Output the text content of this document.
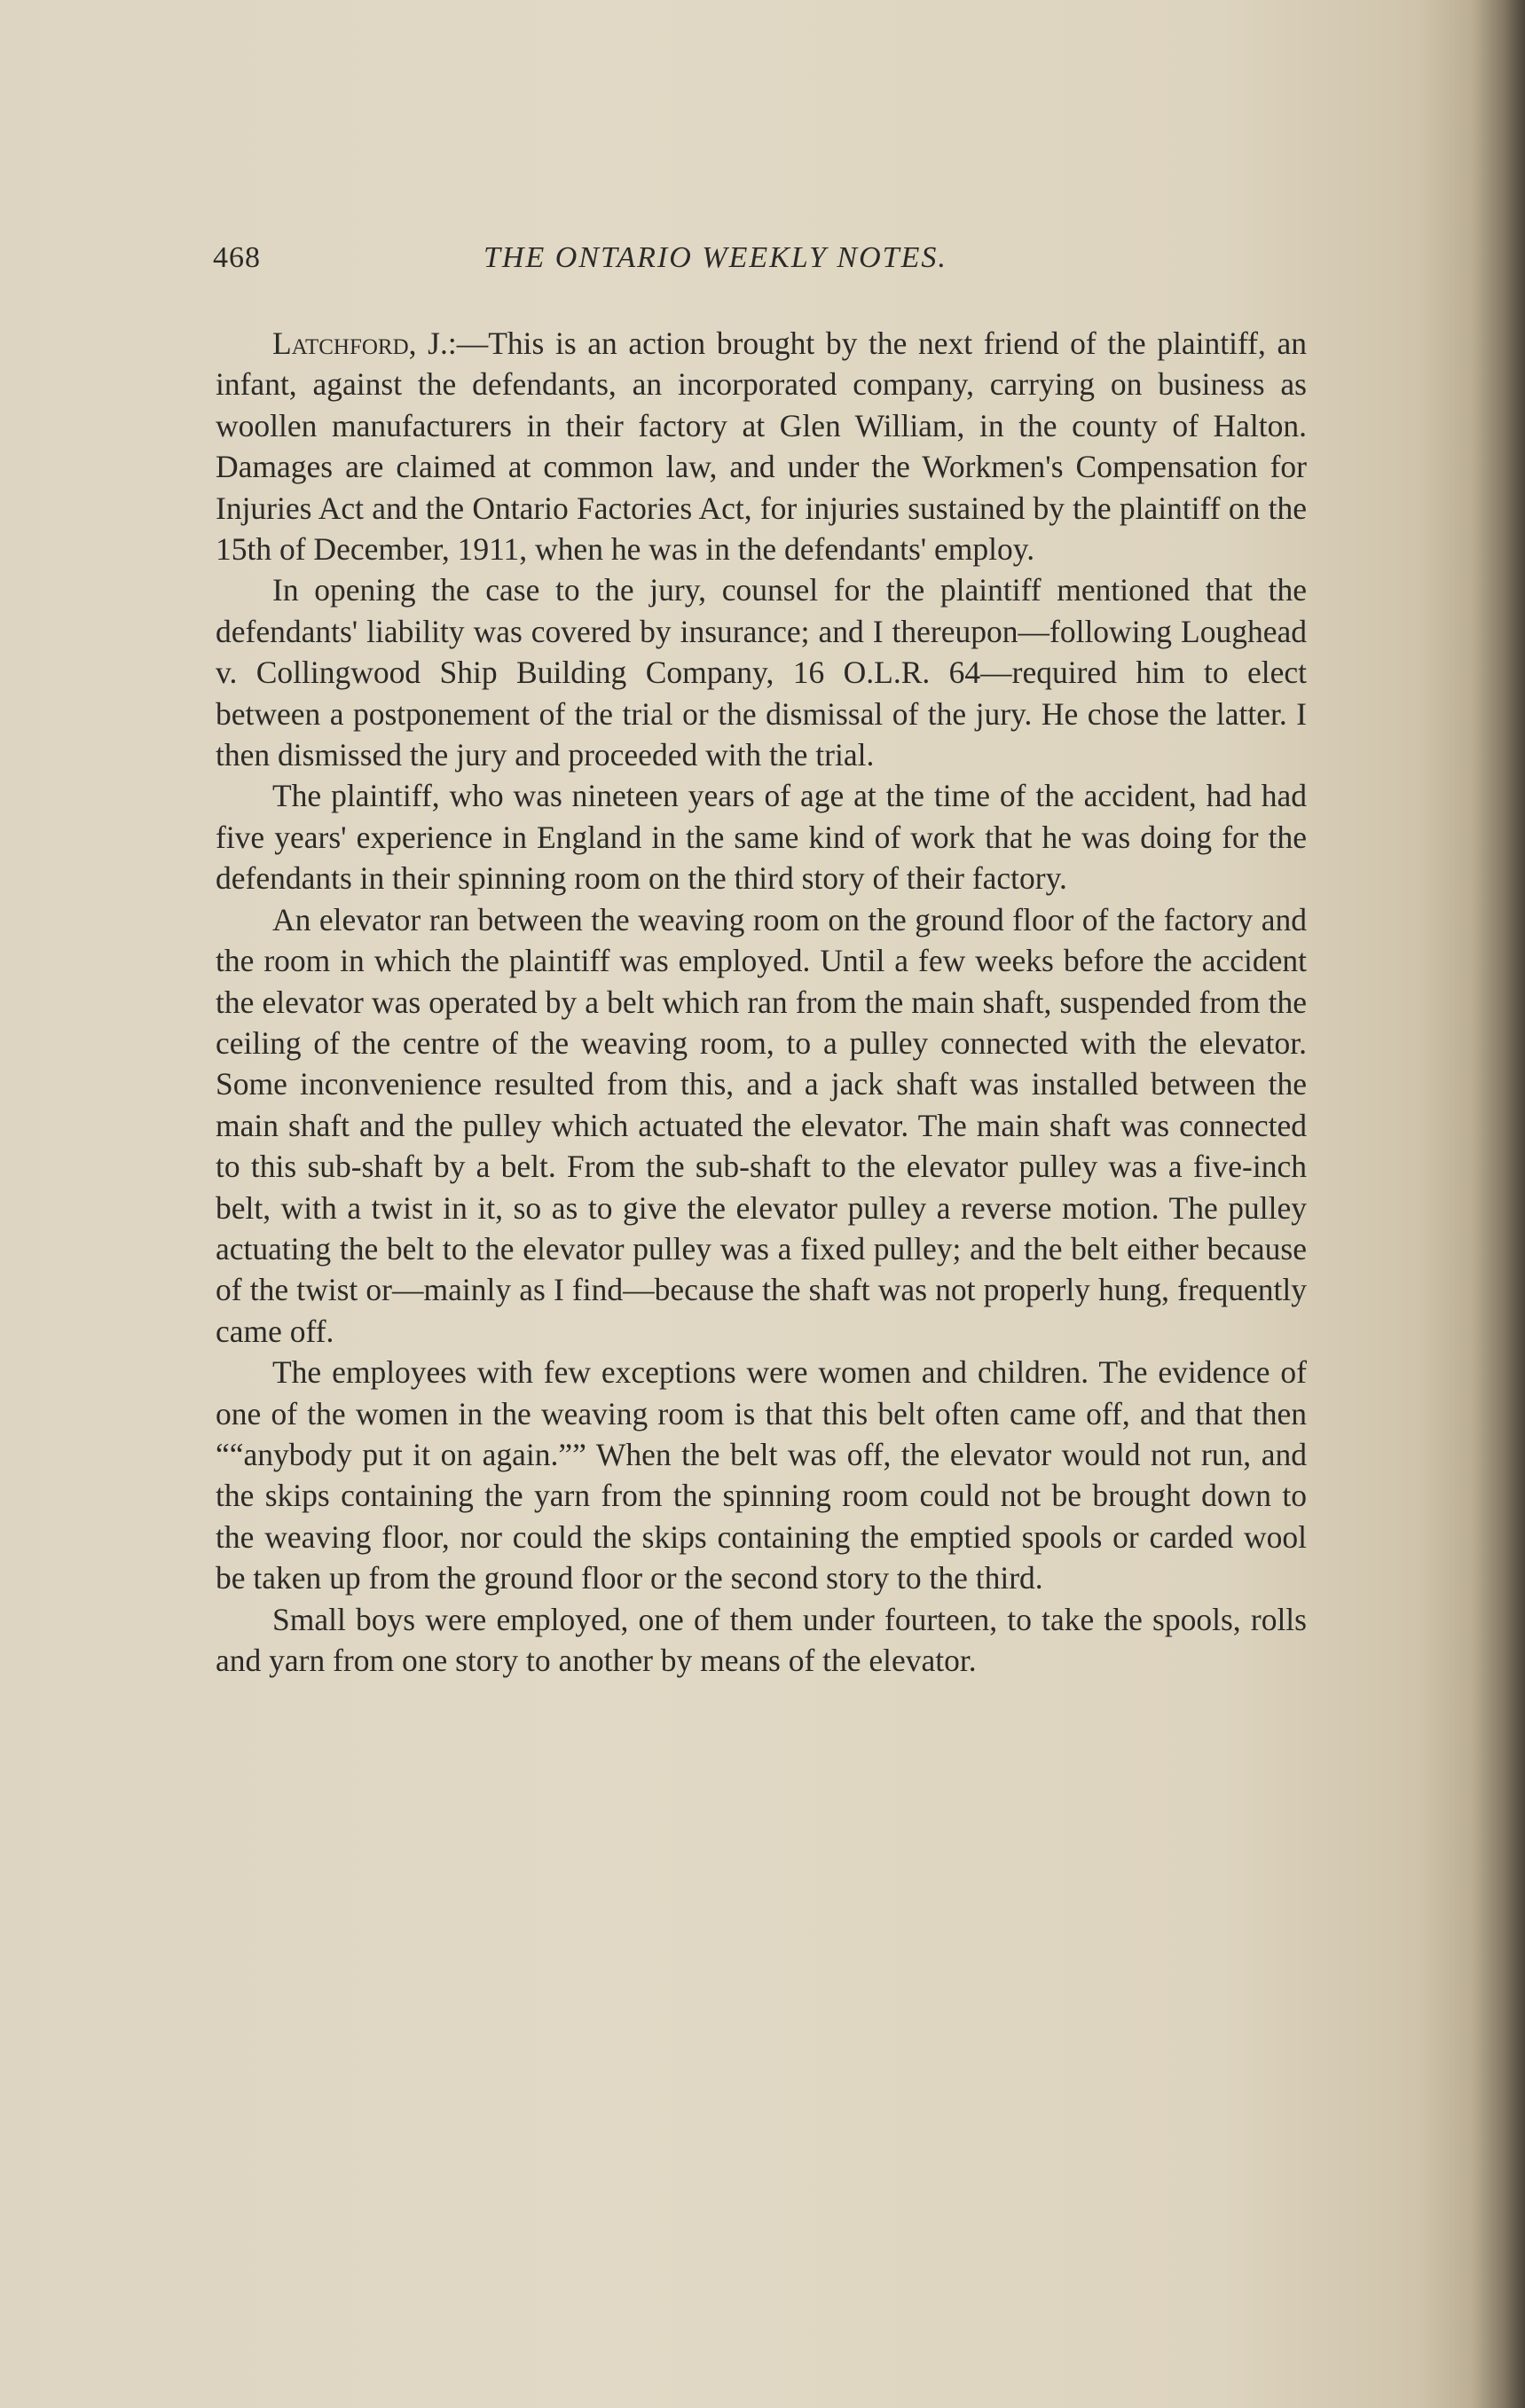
468	THE ONTARIO WEEKLY NOTES.

Latchford, J.:—This is an action brought by the next friend of the plaintiff, an infant, against the defendants, an incorporated company, carrying on business as woollen manufacturers in their factory at Glen William, in the county of Halton. Damages are claimed at common law, and under the Workmen's Compensation for Injuries Act and the Ontario Factories Act, for injuries sustained by the plaintiff on the 15th of December, 1911, when he was in the defendants' employ.

In opening the case to the jury, counsel for the plaintiff mentioned that the defendants' liability was covered by insurance; and I thereupon—following Loughead v. Collingwood Ship Building Company, 16 O.L.R. 64—required him to elect between a postponement of the trial or the dismissal of the jury. He chose the latter. I then dismissed the jury and proceeded with the trial.

The plaintiff, who was nineteen years of age at the time of the accident, had had five years' experience in England in the same kind of work that he was doing for the defendants in their spinning room on the third story of their factory.

An elevator ran between the weaving room on the ground floor of the factory and the room in which the plaintiff was employed. Until a few weeks before the accident the elevator was operated by a belt which ran from the main shaft, suspended from the ceiling of the centre of the weaving room, to a pulley connected with the elevator. Some inconvenience resulted from this, and a jack shaft was installed between the main shaft and the pulley which actuated the elevator. The main shaft was connected to this sub-shaft by a belt. From the sub-shaft to the elevator pulley was a five-inch belt, with a twist in it, so as to give the elevator pulley a reverse motion. The pulley actuating the belt to the elevator pulley was a fixed pulley; and the belt either because of the twist or—mainly as I find—because the shaft was not properly hung, frequently came off.

The employees with few exceptions were women and children. The evidence of one of the women in the weaving room is that this belt often came off, and that then ““anybody put it on again.”” When the belt was off, the elevator would not run, and the skips containing the yarn from the spinning room could not be brought down to the weaving floor, nor could the skips containing the emptied spools or carded wool be taken up from the ground floor or the second story to the third.

Small boys were employed, one of them under fourteen, to take the spools, rolls and yarn from one story to another by means of the elevator.
